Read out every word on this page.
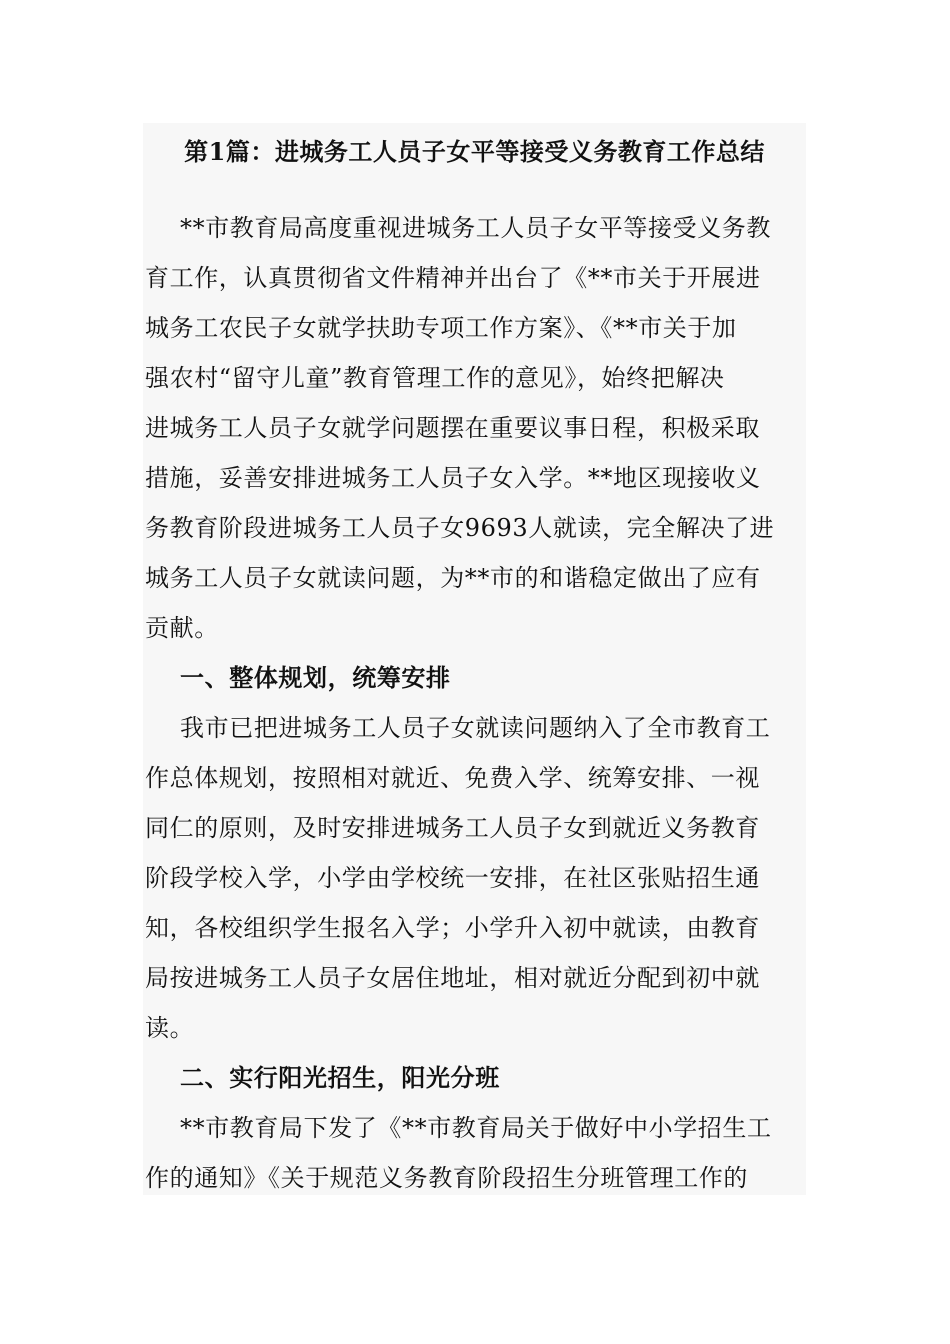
第1篇：进城务工人员子女平等接受义务教育工作总结
**市教育局高度重视进城务工人员子女平等接受义务教
育工作，认真贯彻省文件精神并出台了《**市关于开展进
城务工农民子女就学扶助专项工作方案》、《**市关于加
强农村“留守儿童”教育管理工作的意见》，始终把解决
进城务工人员子女就学问题摆在重要议事日程，积极采取
措施，妥善安排进城务工人员子女入学。**地区现接收义
务教育阶段进城务工人员子女9693人就读，完全解决了进
城务工人员子女就读问题，为**市的和谐稳定做出了应有
贡献。
一、整体规划，统筹安排
我市已把进城务工人员子女就读问题纳入了全市教育工
作总体规划，按照相对就近、免费入学、统筹安排、一视
同仁的原则，及时安排进城务工人员子女到就近义务教育
阶段学校入学，小学由学校统一安排，在社区张贴招生通
知，各校组织学生报名入学；小学升入初中就读，由教育
局按进城务工人员子女居住地址，相对就近分配到初中就
读。
二、实行阳光招生，阳光分班
**市教育局下发了《**市教育局关于做好中小学招生工
作的通知》《关于规范义务教育阶段招生分班管理工作的
